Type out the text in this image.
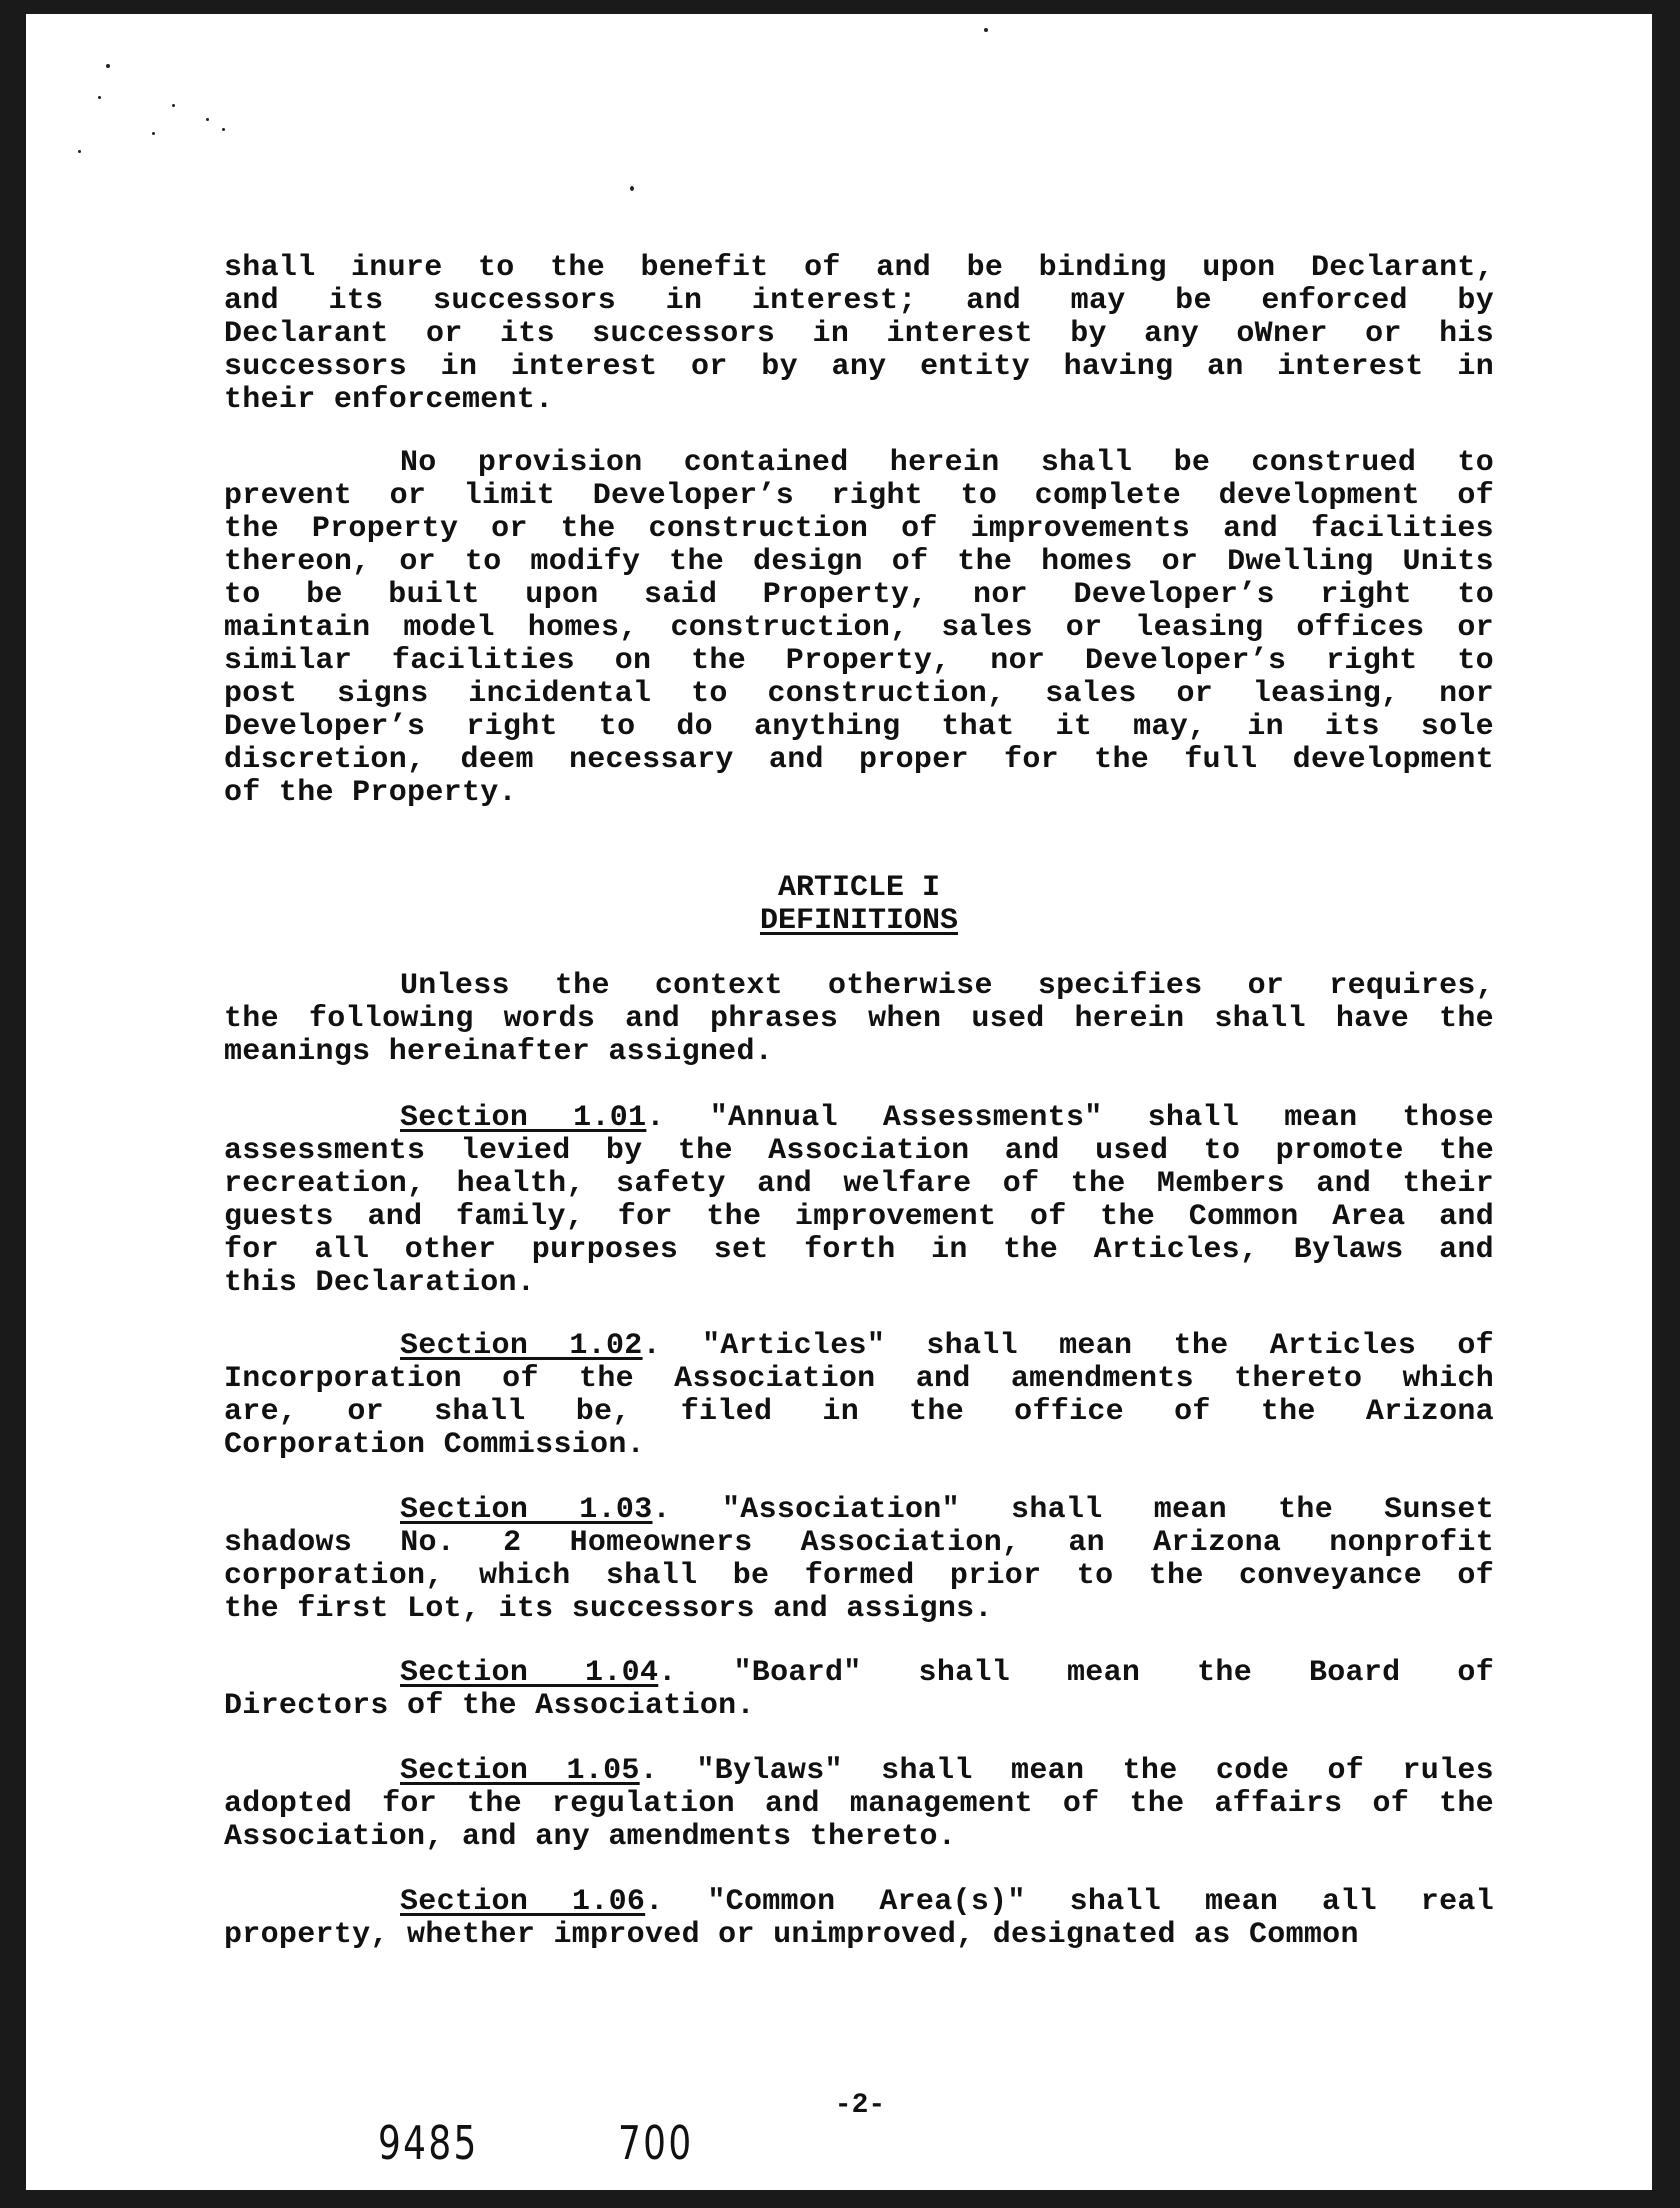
shall inure to the benefit of and be binding upon Declarant,
and its successors in interest; and may be enforced by
Declarant or its successors in interest by any oWner or his
successors in interest or by any entity having an interest in
their enforcement.
No provision contained herein shall be construed to
prevent or limit Developer’s right to complete development of
the Property or the construction of improvements and facilities
thereon, or to modify the design of the homes or Dwelling Units
to be built upon said Property, nor Developer’s right to
maintain model homes, construction, sales or leasing offices or
similar facilities on the Property, nor Developer’s right to
post signs incidental to construction, sales or leasing, nor
Developer’s right to do anything that it may, in its sole
discretion, deem necessary and proper for the full development
of the Property.
ARTICLE I
DEFINITIONS
Unless the context otherwise specifies or requires,
the following words and phrases when used herein shall have the
meanings hereinafter assigned.
Section 1.01. "Annual Assessments" shall mean those
assessments levied by the Association and used to promote the
recreation, health, safety and welfare of the Members and their
guests and family, for the improvement of the Common Area and
for all other purposes set forth in the Articles, Bylaws and
this Declaration.
Section 1.02. "Articles" shall mean the Articles of
Incorporation of the Association and amendments thereto which
are, or shall be, filed in the office of the Arizona
Corporation Commission.
Section 1.03. "Association" shall mean the Sunset
shadows No. 2 Homeowners Association, an Arizona nonprofit
corporation, which shall be formed prior to the conveyance of
the first Lot, its successors and assigns.
Section 1.04. "Board" shall mean the Board of
Directors of the Association.
Section 1.05. "Bylaws" shall mean the code of rules
adopted for the regulation and management of the affairs of the
Association, and any amendments thereto.
Section 1.06. "Common Area(s)" shall mean all real
property, whether improved or unimproved, designated as Common
-2-
9485	700
